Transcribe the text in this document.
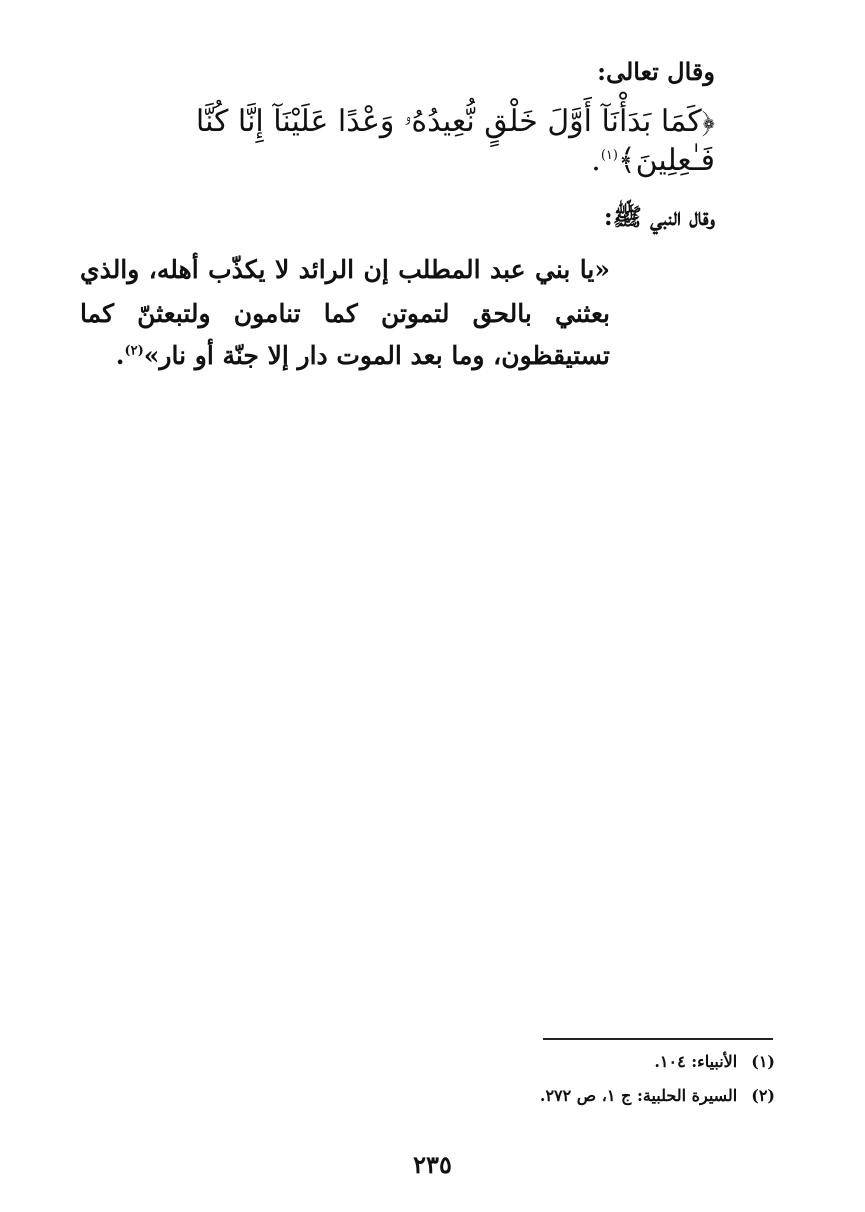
وقال تعالى:
﴿كَمَا بَدَأْنَآ أَوَّلَ خَلْقٍ نُّعِيدُهُۥ وَعْدًا عَلَيْنَآ إِنَّا كُنَّا
فَـٰعِلِينَ﴾$^{(١)}$.
وقال النبي ﷺ:
«يا بني عبد المطلب إن الرائد لا يكذّب أهله، والذي
بعثني بالحق لتموتن كما تنامون ولتبعثنّ كما
تستيقظون، وما بعد الموت دار إلا جنّة أو نار»$^{(٢)}$.
(١)الأنبياء: ١٠٤.
(٢)السيرة الحلبية: ج ١، ص ٢٧٢.
٢٣٥
